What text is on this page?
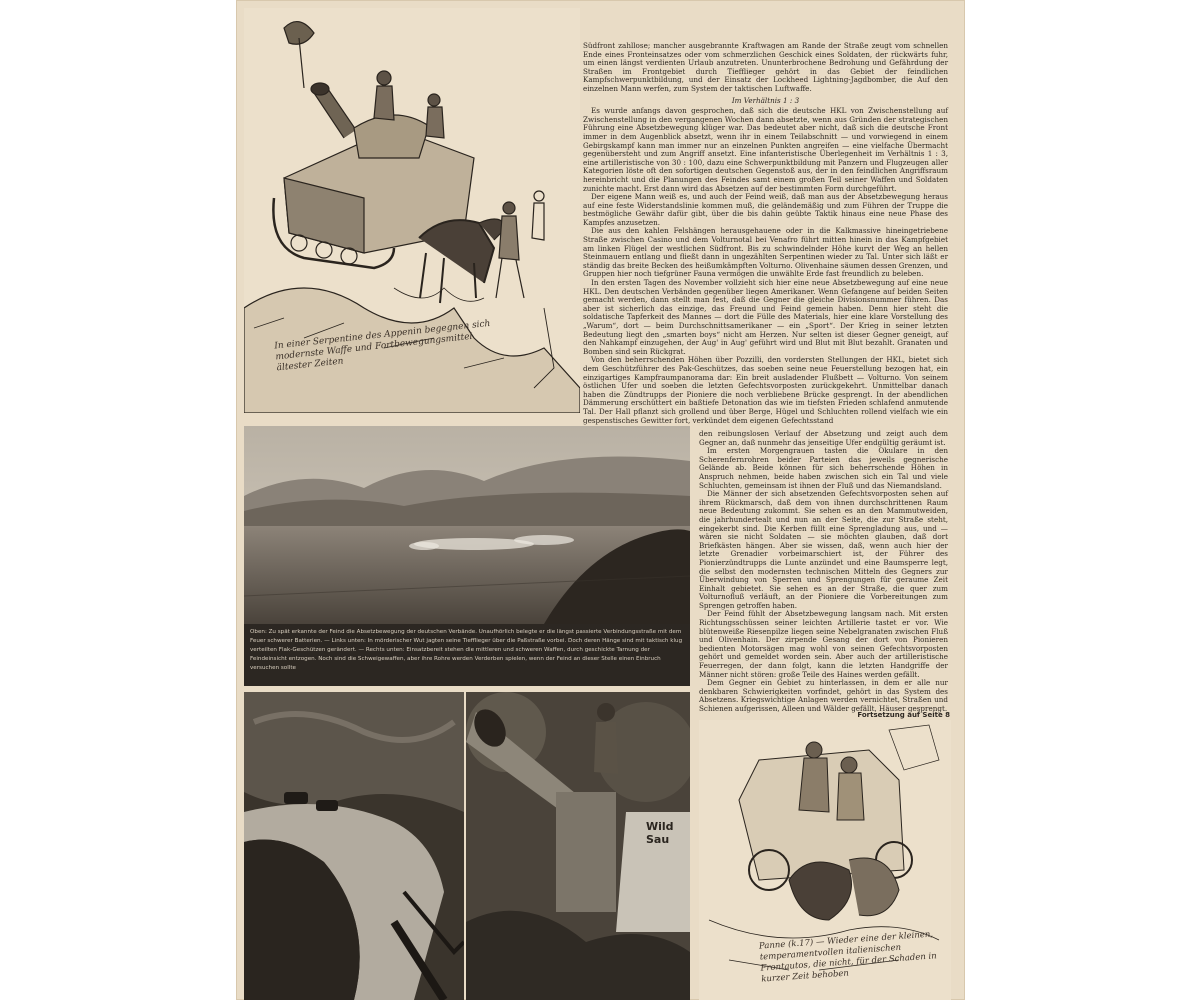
In einer Serpentine des Appenin begegnen sich modernste Waffe und Fortbewegungsmittel ältester Zeiten

Südfront zahllose; mancher ausgebrannte Kraftwagen am Rande der Straße zeugt vom schnellen Ende eines Fronteinsatzes oder vom schmerzlichen Geschick eines Soldaten, der rückwärts fuhr, um einen längst verdienten Urlaub anzutreten. Ununterbrochene Bedrohung und Gefährdung der Straßen im Frontgebiet durch Tiefflieger gehört in das Gebiet der feindlichen Kampfschwerpunktbildung, und der Einsatz der Lockheed Lightning-Jagdbomber, die Auf den einzelnen Mann werfen, zum System der taktischen Luftwaffe.

Im Verhältnis 1 : 3

Es wurde anfangs davon gesprochen, daß sich die deutsche HKL von Zwischenstellung auf Zwischenstellung in den vergangenen Wochen dann absetzte, wenn aus Gründen der strategischen Führung eine Absetzbewegung klüger war. Das bedeutet aber nicht, daß sich die deutsche Front immer in dem Augenblick absetzt, wenn ihr in einem Teilabschnitt — und vorwiegend in einem Gebirgskampf kann man immer nur an einzelnen Punkten angreifen — eine vielfache Übermacht gegenübersteht und zum Angriff ansetzt. Eine infanteristische Überlegenheit im Verhältnis 1 : 3, eine artilleristische von 30 : 100, dazu eine Schwerpunktbildung mit Panzern und Flugzeugen aller Kategorien löste oft den sofortigen deutschen Gegenstoß aus, der in den feindlichen Angriffsraum hereinbricht und die Planungen des Feindes samt einem großen Teil seiner Waffen und Soldaten zunichte macht. Erst dann wird das Absetzen auf der bestimmten Form durchgeführt.

Der eigene Mann weiß es, und auch der Feind weiß, daß man aus der Absetzbewegung heraus auf eine feste Widerstandslinie kommen muß, die geländemäßig und zum Führen der Truppe die bestmögliche Gewähr dafür gibt, über die bis dahin geübte Taktik hinaus eine neue Phase des Kampfes anzusetzen.

Die aus den kahlen Felshängen herausgehauene oder in die Kalkmassive hineingetriebene Straße zwischen Casino und dem Volturnotal bei Venafro führt mitten hinein in das Kampfgebiet am linken Flügel der westlichen Südfront. Bis zu schwindelnder Höhe kurvt der Weg an hellen Steinmauern entlang und fließt dann in ungezählten Serpentinen wieder zu Tal. Unter sich läßt er ständig das breite Becken des heißumkämpften Volturno. Olivenhaine säumen dessen Grenzen, und Gruppen hier noch tiefgrüner Fauna vermögen die unwählte Erde fast freundlich zu beleben.

In den ersten Tagen des November vollzieht sich hier eine neue Absetzbewegung auf eine neue HKL. Den deutschen Verbänden gegenüber liegen Amerikaner. Wenn Gefangene auf beiden Seiten gemacht werden, dann stellt man fest, daß die Gegner die gleiche Divisionsnummer führen. Das aber ist sicherlich das einzige, das Freund und Feind gemein haben. Denn hier steht die soldatische Tapferkeit des Mannes — dort die Fülle des Materials, hier eine klare Vorstellung des „Warum“, dort — beim Durchschnittsamerikaner — ein „Sport“. Der Krieg in seiner letzten Bedeutung liegt den „smarten boys“ nicht am Herzen. Nur selten ist dieser Gegner geneigt, auf den Nahkampf einzugehen, der Aug' in Aug' geführt wird und Blut mit Blut bezahlt. Granaten und Bomben sind sein Rückgrat.

Von den beherrschenden Höhen über Pozzilli, den vordersten Stellungen der HKL, bietet sich dem Geschützführer des Pak-Geschützes, das soeben seine neue Feuerstellung bezogen hat, ein einzigartiges Kampfraumpanorama dar: Ein breit ausladender Flußbett — Volturno. Von seinem östlichen Ufer und soeben die letzten Gefechtsvorposten zurückgekehrt. Unmittelbar danach haben die Zündtrupps der Pioniere die noch verbliebene Brücke gesprengt. In der abendlichen Dämmerung erschüttert ein baßtiefe Detonation das wie im tiefsten Frieden schlafend anmutende Tal. Der Hall pflanzt sich grollend und über Berge, Hügel und Schluchten rollend vielfach wie ein gespenstisches Gewitter fort, verkündet dem eigenen Gefechtsstand

Oben: Zu spät erkannte der Feind die Absetzbewegung der deutschen Verbände. Unaufhörlich belegte er die längst passierte Verbindungsstraße mit dem Feuer schwerer Batterien. — Links unten: In mörderischer Wut jagten seine Tiefflieger über die Paßstraße vorbei. Doch deren Hänge sind mit taktisch klug verteilten Flak-Geschützen gerändert. — Rechts unten: Einsatzbereit stehen die mittleren und schweren Waffen, durch geschickte Tarnung der Feindeinsicht entzogen. Noch sind die Schweigewaffen, aber ihre Rohre werden Verderben spielen, wenn der Feind an dieser Stelle einen Einbruch versuchen sollte

den reibungslosen Verlauf der Absetzung und zeigt auch dem Gegner an, daß nunmehr das jenseitige Ufer endgültig geräumt ist.

Im ersten Morgengrauen tasten die Okulare in den Scherenfernrohren beider Parteien das jeweils gegnerische Gelände ab. Beide können für sich beherrschende Höhen in Anspruch nehmen, beide haben zwischen sich ein Tal und viele Schluchten, gemeinsam ist ihnen der Fluß und das Niemandsland.

Die Männer der sich absetzenden Gefechtsvorposten sehen auf ihrem Rückmarsch, daß dem von ihnen durchschrittenen Raum neue Bedeutung zukommt. Sie sehen es an den Mammutweiden, die jahrhundertealt und nun an der Seite, die zur Straße steht, eingekerbt sind. Die Kerben füllt eine Sprengladung aus, und — wären sie nicht Soldaten — sie möchten glauben, daß dort Briefkästen hängen. Aber sie wissen, daß, wenn auch hier der letzte Grenadier vorbeimarschiert ist, der Führer des Pionierzündtrupps die Lunte anzündet und eine Baumsperre legt, die selbst den modernsten technischen Mitteln des Gegners zur Überwindung von Sperren und Sprengungen für geraume Zeit Einhalt gebietet. Sie sehen es an der Straße, die quer zum Volturnofluß verläuft, an der Pioniere die Vorbereitungen zum Sprengen getroffen haben.

Der Feind fühlt der Absetzbewegung langsam nach. Mit ersten Richtungsschüssen seiner leichten Artillerie tastet er vor. Wie blütenweiße Riesenpilze liegen seine Nebelgranaten zwischen Fluß und Olivenhain. Der zirpende Gesang der dort von Pionieren bedienten Motorsägen mag wohl von seinen Gefechtsvorposten gehört und gemeldet worden sein. Aber auch der artilleristische Feuerregen, der dann folgt, kann die letzten Handgriffe der Männer nicht stören: große Teile des Haines werden gefällt.

Dem Gegner ein Gebiet zu hinterlassen, in dem er alle nur denkbaren Schwierigkeiten vorfindet, gehört in das System des Absetzens. Kriegswichtige Anlagen werden vernichtet, Straßen und Schienen aufgerissen, Alleen und Wälder gefällt, Häuser gesprengt.

Fortsetzung auf Seite 8
Wild Sau
Panne (k.17) — Wieder eine der kleinen, temperamentvollen italienischen Frontautos, die nicht, für der Schaden in kurzer Zeit behoben
